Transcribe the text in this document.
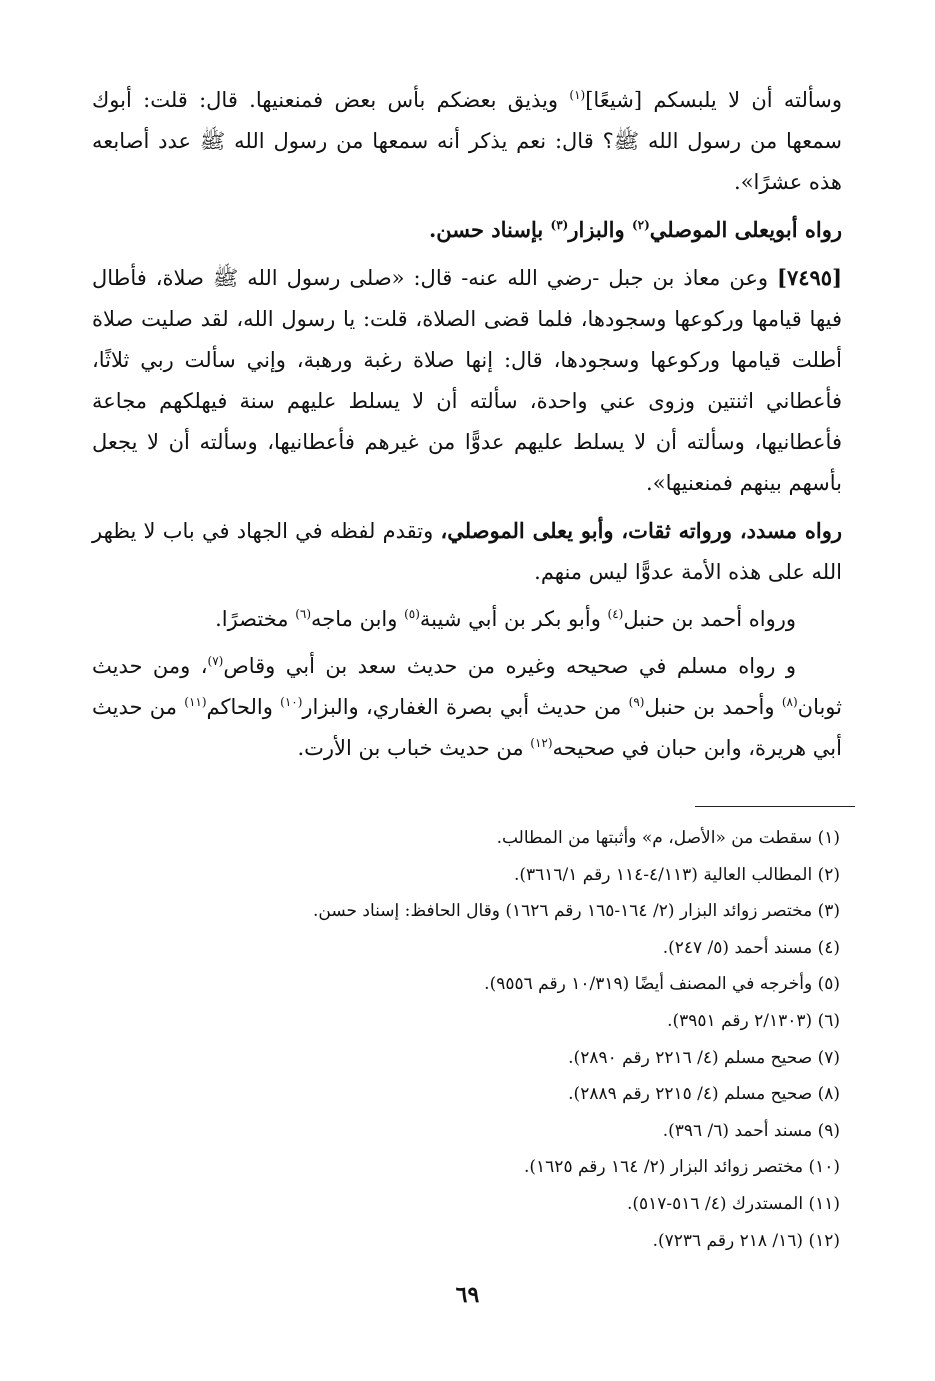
وسألته أن لا يلبسكم [شيعًا]$^{(١)}$ ويذيق بعضكم بأس بعض فمنعنيها. قال: قلت: أبوك سمعها من رسول الله ﷺ؟ قال: نعم يذكر أنه سمعها من رسول الله ﷺ عدد أصابعه هذه عشرًا».

رواه أبويعلى الموصلي$^{(٢)}$ والبزار$^{(٣)}$ بإسناد حسن.

[٧٤٩٥] وعن معاذ بن جبل -رضي الله عنه- قال: «صلى رسول الله ﷺ صلاة، فأطال فيها قيامها وركوعها وسجودها، فلما قضى الصلاة، قلت: يا رسول الله، لقد صليت صلاة أطلت قيامها وركوعها وسجودها، قال: إنها صلاة رغبة ورهبة، وإني سألت ربي ثلاثًا، فأعطاني اثنتين وزوى عني واحدة، سألته أن لا يسلط عليهم سنة فيهلكهم مجاعة فأعطانيها، وسألته أن لا يسلط عليهم عدوًّا من غيرهم فأعطانيها، وسألته أن لا يجعل بأسهم بينهم فمنعنيها».

رواه مسدد، ورواته ثقات، وأبو يعلى الموصلي، وتقدم لفظه في الجهاد في باب لا يظهر الله على هذه الأمة عدوًّا ليس منهم.

ورواه أحمد بن حنبل$^{(٤)}$ وأبو بكر بن أبي شيبة$^{(٥)}$ وابن ماجه$^{(٦)}$ مختصرًا.

و رواه مسلم في صحيحه وغيره من حديث سعد بن أبي وقاص$^{(٧)}$، ومن حديث ثوبان$^{(٨)}$ وأحمد بن حنبل$^{(٩)}$ من حديث أبي بصرة الغفاري، والبزار$^{(١٠)}$ والحاكم$^{(١١)}$ من حديث أبي هريرة، وابن حبان في صحيحه$^{(١٢)}$ من حديث خباب بن الأرت.

(١) سقطت من «الأصل، م» وأثبتها من المطالب.
(٢) المطالب العالية (٤/١١٣-١١٤ رقم ٣٦١٦/١).
(٣) مختصر زوائد البزار (٢/ ١٦٤-١٦٥ رقم ١٦٢٦) وقال الحافظ: إسناد حسن.
(٤) مسند أحمد (٥/ ٢٤٧).
(٥) وأخرجه في المصنف أيضًا (١٠/٣١٩ رقم ٩٥٥٦).
(٦) (٢/١٣٠٣ رقم ٣٩٥١).
(٧) صحيح مسلم (٤/ ٢٢١٦ رقم ٢٨٩٠).
(٨) صحيح مسلم (٤/ ٢٢١٥ رقم ٢٨٨٩).
(٩) مسند أحمد (٦/ ٣٩٦).
(١٠) مختصر زوائد البزار (٢/ ١٦٤ رقم ١٦٢٥).
(١١) المستدرك (٤/ ٥١٦-٥١٧).
(١٢) (١٦/ ٢١٨ رقم ٧٢٣٦).
٦٩
